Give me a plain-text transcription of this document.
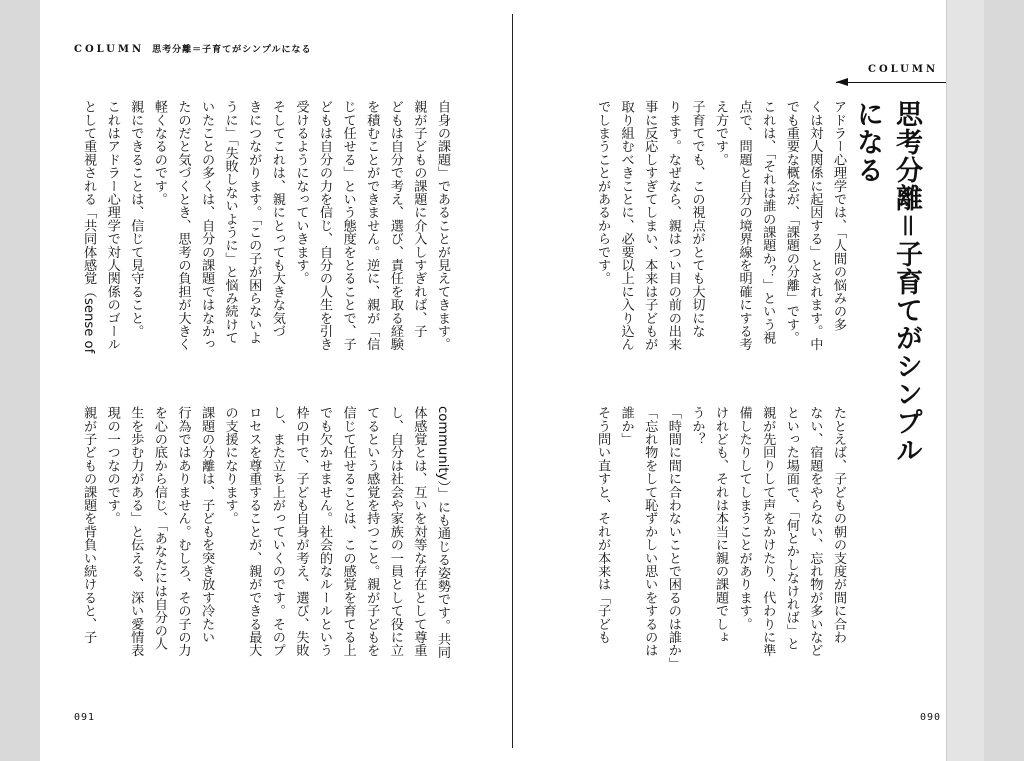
COLUMN 思考分離＝子育てがシンプルになる

自身の課題」であることが見えてきます。

親が子どもの課題に介入しすぎれば、子

どもは自分で考え、選び、責任を取る経験

を積むことができません。逆に、親が「信

じて任せる」という態度をとることで、子

どもは自分の力を信じ、自分の人生を引き

受けるようになっていきます。

そしてこれは、親にとっても大きな気づ

きにつながります。「この子が困らないよ

うに」「失敗しないように」と悩み続けて

いたことの多くは、自分の課題ではなかっ

たのだと気づくとき、思考の負担が大きく

軽くなるのです。

親にできることは、信じて見守ること。

これはアドラー心理学で対人関係のゴール

として重視される「共同体感覚（sense of

community）」にも通じる姿勢です。共同

体感覚とは、互いを対等な存在として尊重

し、自分は社会や家族の一員として役に立

てるという感覚を持つこと。親が子どもを

信じて任せることは、この感覚を育てる上

でも欠かせません。社会的なルールという

枠の中で、子ども自身が考え、選び、失敗

し、また立ち上がっていくのです。そのプ

ロセスを尊重することが、親ができる最大

の支援になります。

課題の分離は、子どもを突き放す冷たい

行為ではありません。むしろ、その子の力

を心の底から信じ、「あなたには自分の人

生を歩む力がある」と伝える、深い愛情表

現の一つなのです。

親が子どもの課題を背負い続けると、子

091
COLUMN
思考分離＝子育てがシンプルになる

アドラー心理学では、「人間の悩みの多

くは対人関係に起因する」とされます。中

でも重要な概念が、「課題の分離」です。

これは、「それは誰の課題か？」という視

点で、問題と自分の境界線を明確にする考

え方です。

子育てでも、この視点がとても大切にな

ります。なぜなら、親はつい目の前の出来

事に反応しすぎてしまい、本来は子どもが

取り組むべきことに、必要以上に入り込ん

でしまうことがあるからです。

たとえば、子どもの朝の支度が間に合わ

ない、宿題をやらない、忘れ物が多いなど

といった場面で、「何とかしなければ」と

親が先回りして声をかけたり、代わりに準

備したりしてしまうことがあります。

けれども、それは本当に親の課題でしょ

うか？

「時間に間に合わないことで困るのは誰か」

「忘れ物をして恥ずかしい思いをするのは

誰か」

そう問い直すと、それが本来は「子ども

090
